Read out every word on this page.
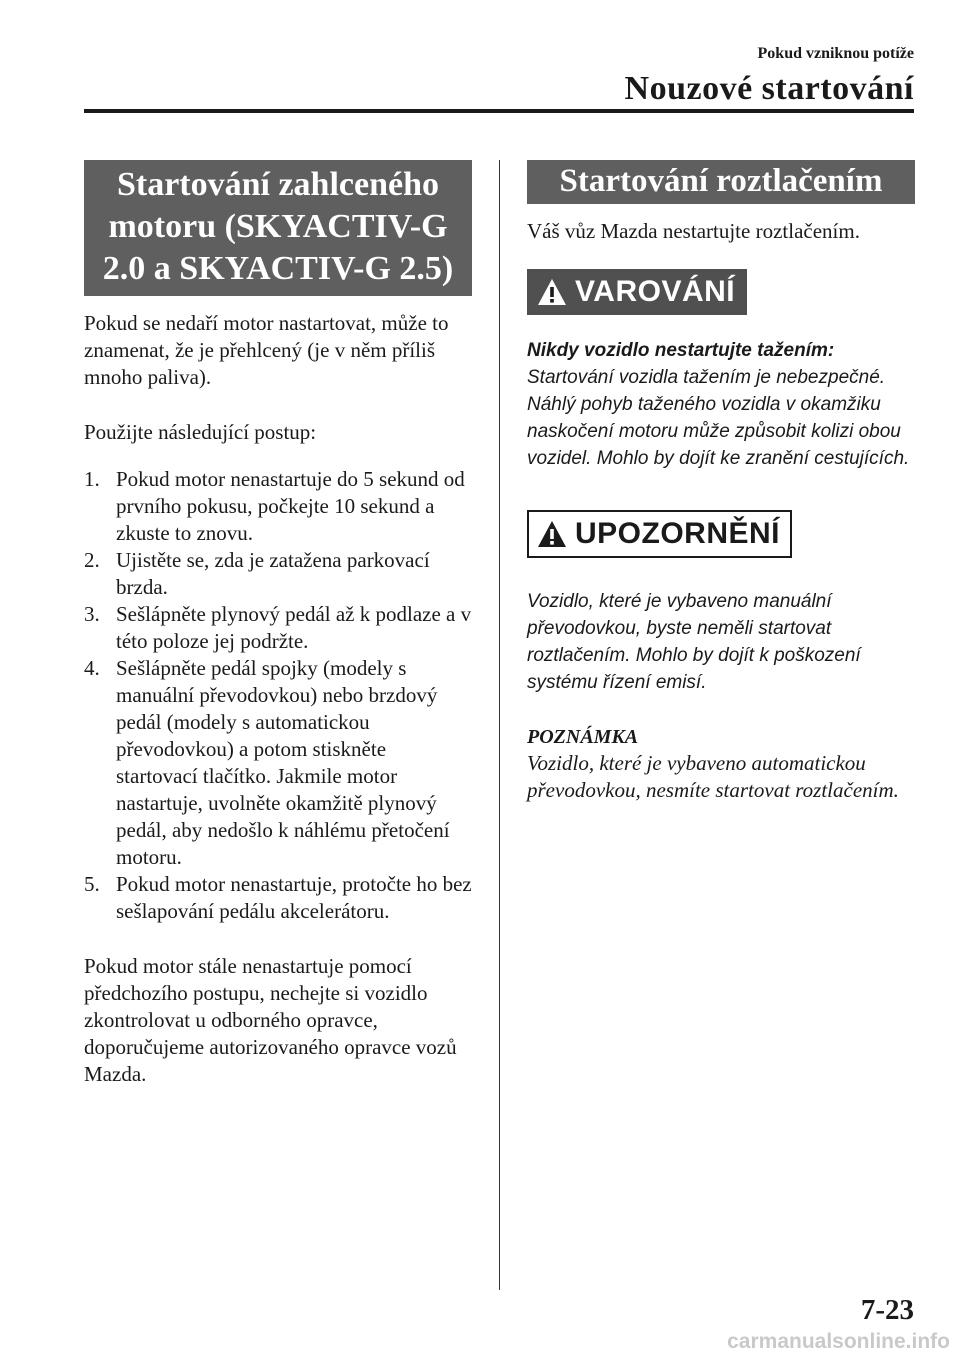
Pokud vzniknou potíže
Nouzové startování
Startování zahlceného motoru (SKYACTIV-G 2.0 a SKYACTIV-G 2.5)

Pokud se nedaří motor nastartovat, může to znamenat, že je přehlcený (je v něm příliš mnoho paliva).

Použijte následující postup:

1. Pokud motor nenastartuje do 5 sekund od prvního pokusu, počkejte 10 sekund a zkuste to znovu.
2. Ujistěte se, zda je zatažena parkovací brzda.
3. Sešlápněte plynový pedál až k podlaze a v této poloze jej podržte.
4. Sešlápněte pedál spojky (modely s manuální převodovkou) nebo brzdový pedál (modely s automatickou převodovkou) a potom stiskněte startovací tlačítko. Jakmile motor nastartuje, uvolněte okamžitě plynový pedál, aby nedošlo k náhlému přetočení motoru.
5. Pokud motor nenastartuje, protočte ho bez sešlapování pedálu akcelerátoru.

Pokud motor stále nenastartuje pomocí předchozího postupu, nechejte si vozidlo zkontrolovat u odborného opravce, doporučujeme autorizovaného opravce vozů Mazda.

Startování roztlačením

Váš vůz Mazda nestartujte roztlačením.

VAROVÁNÍ
Nikdy vozidlo nestartujte tažením:
Startování vozidla tažením je nebezpečné. Náhlý pohyb taženého vozidla v okamžiku naskočení motoru může způsobit kolizi obou vozidel. Mohlo by dojít ke zranění cestujících.
UPOZORNĚNÍ
Vozidlo, které je vybaveno manuální převodovkou, byste neměli startovat roztlačením. Mohlo by dojít k poškození systému řízení emisí.
POZNÁMKA
Vozidlo, které je vybaveno automatickou převodovkou, nesmíte startovat roztlačením.
7-23
carmanualsonline.info
